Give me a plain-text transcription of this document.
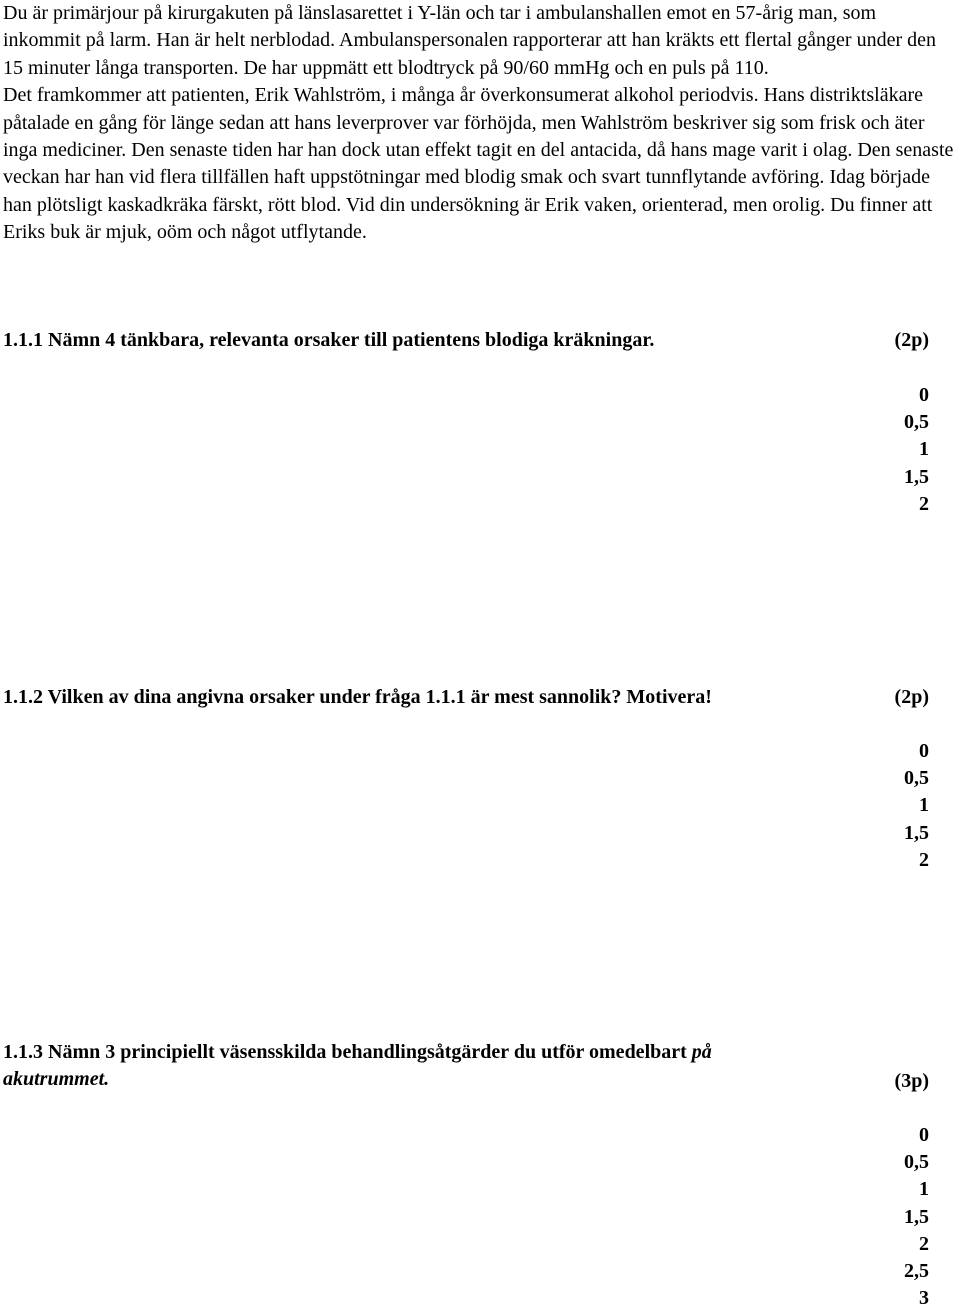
Du är primärjour på kirurgakuten på länslasarettet i Y-län och tar i ambulanshallen emot en 57-årig man, som inkommit på larm. Han är helt nerblodad. Ambulanspersonalen rapporterar att han kräkts ett flertal gånger under den 15 minuter långa transporten. De har uppmätt ett blodtryck på 90/60 mmHg och en puls på 110.
Det framkommer att patienten, Erik Wahlström, i många år överkonsumerat alkohol periodvis. Hans distriktsläkare påtalade en gång för länge sedan att hans leverprover var förhöjda, men Wahlström beskriver sig som frisk och äter inga mediciner. Den senaste tiden har han dock utan effekt tagit en del antacida, då hans mage varit i olag. Den senaste veckan har han vid flera tillfällen haft uppstötningar med blodig smak och svart tunnflytande avföring. Idag började han plötsligt kaskadkräka färskt, rött blod. Vid din undersökning är Erik vaken, orienterad, men orolig. Du finner att Eriks buk är mjuk, oöm och något utflytande.

1.1.1 Nämn 4 tänkbara, relevanta orsaker till patientens blodiga kräkningar.	(2p)
0
0,5
1
1,5
2
1.1.2 Vilken av dina angivna orsaker under fråga 1.1.1 är mest sannolik? Motivera!	(2p)
0
0,5
1
1,5
2
1.1.3 Nämn 3 principiellt väsensskilda behandlingsåtgärder du utför omedelbart på
akutrummet.	(3p)
0
0,5
1
1,5
2
2,5
3
